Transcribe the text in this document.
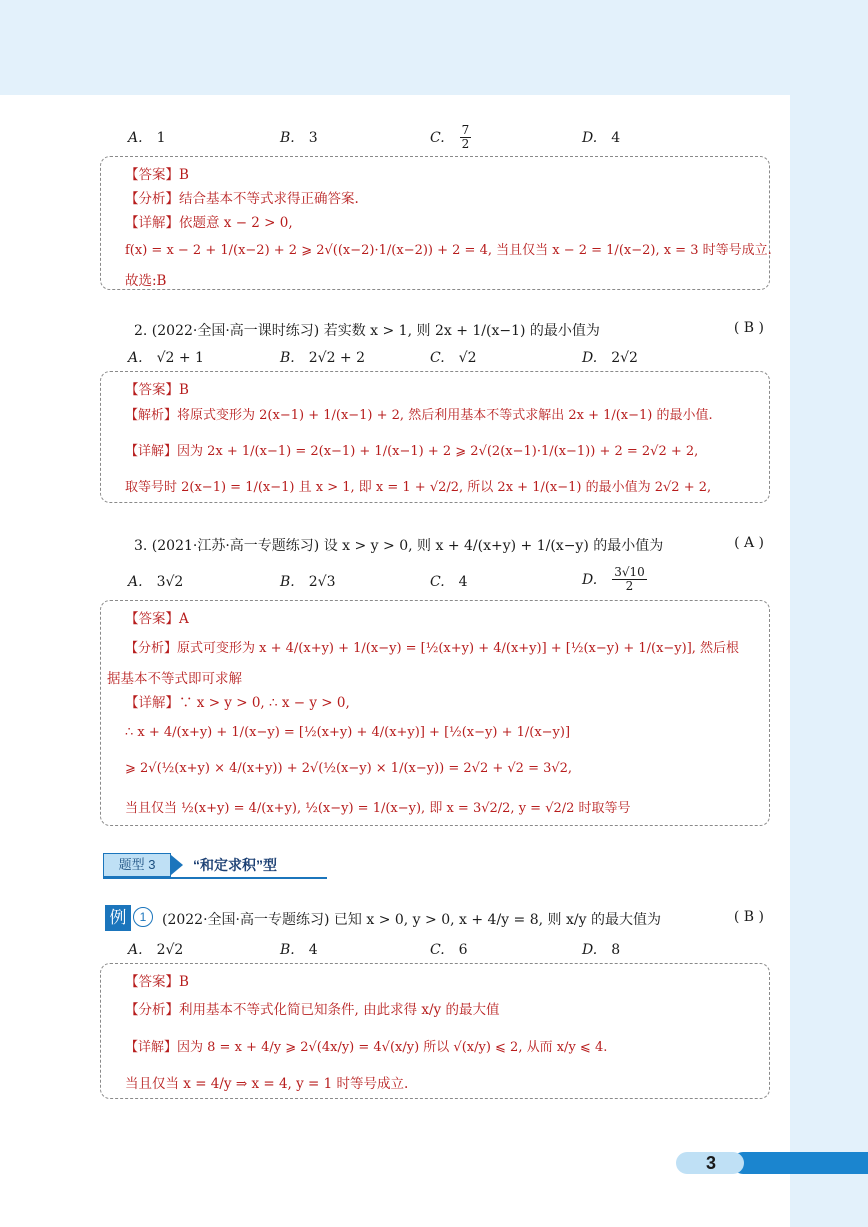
A. 1	B. 3	C. $\frac{7}{2}$	D. 4
【答案】B
【分析】结合基本不等式求得正确答案.
【详解】依题意 x − 2 > 0,
f(x) = x − 2 + 1/(x−2) + 2 ⩾ 2√((x−2)·1/(x−2)) + 2 = 4, 当且仅当 x − 2 = 1/(x−2), x = 3 时等号成立.
故选:B
2. (2022·全国·高一课时练习) 若实数 x > 1, 则 2x + 1/(x−1) 的最小值为	( B )
A. √2 + 1	B. 2√2 + 2	C. √2	D. 2√2
【答案】B
【解析】将原式变形为 2(x−1) + 1/(x−1) + 2, 然后利用基本不等式求解出 2x + 1/(x−1) 的最小值.
【详解】因为 2x + 1/(x−1) = 2(x−1) + 1/(x−1) + 2 ⩾ 2√(2(x−1)·1/(x−1)) + 2 = 2√2 + 2,
取等号时 2(x−1) = 1/(x−1) 且 x > 1, 即 x = 1 + √2/2, 所以 2x + 1/(x−1) 的最小值为 2√2 + 2,
3. (2021·江苏·高一专题练习) 设 x > y > 0, 则 x + 4/(x+y) + 1/(x−y) 的最小值为	( A )
A. 3√2	B. 2√3	C. 4	D. $\frac{3√10}{2}$
【答案】A
【分析】原式可变形为 x + 4/(x+y) + 1/(x−y) = [½(x+y) + 4/(x+y)] + [½(x−y) + 1/(x−y)], 然后根
据基本不等式即可求解
【详解】∵ x > y > 0, ∴ x − y > 0,
∴ x + 4/(x+y) + 1/(x−y) = [½(x+y) + 4/(x+y)] + [½(x−y) + 1/(x−y)]
⩾ 2√(½(x+y) × 4/(x+y)) + 2√(½(x−y) × 1/(x−y)) = 2√2 + √2 = 3√2,
当且仅当 ½(x+y) = 4/(x+y), ½(x−y) = 1/(x−y), 即 x = 3√2/2, y = √2/2 时取等号
题型 3	“和定求积”型
例	1	(2022·全国·高一专题练习) 已知 x > 0, y > 0, x + 4/y = 8, 则 x/y 的最大值为	( B )
A. 2√2	B. 4	C. 6	D. 8
【答案】B
【分析】利用基本不等式化简已知条件, 由此求得 x/y 的最大值
【详解】因为 8 = x + 4/y ⩾ 2√(4x/y) = 4√(x/y) 所以 √(x/y) ⩽ 2, 从而 x/y ⩽ 4.
当且仅当 x = 4/y ⇒ x = 4, y = 1 时等号成立.
3
